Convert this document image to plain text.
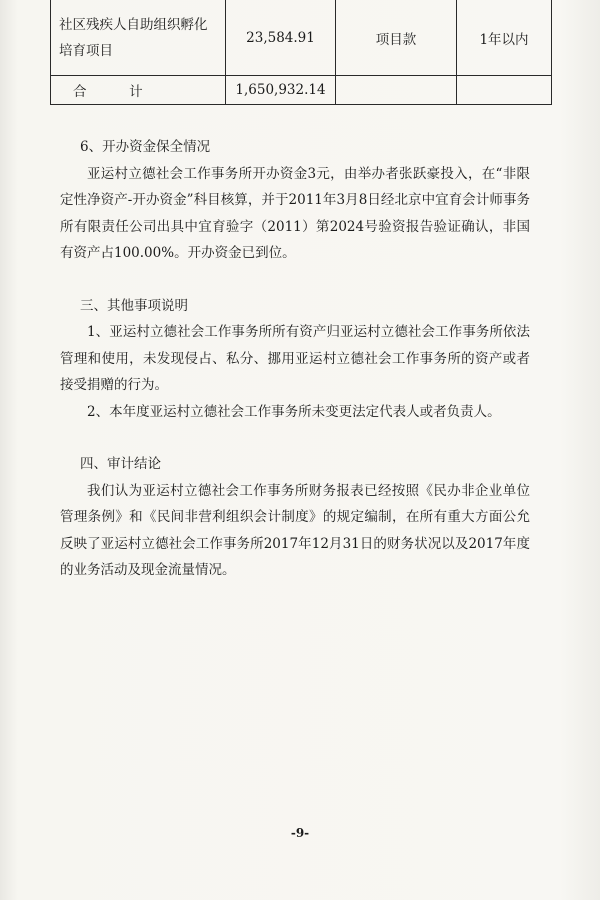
社区残疾人自助组织孵化培育项目	23,584.91	项目款	1年以内
合 计	1,650,932.14		

6、开办资金保全情况

亚运村立德社会工作事务所开办资金3元，由举办者张跃豪投入，在“非限定性净资产-开办资金”科目核算，并于2011年3月8日经北京中宜育会计师事务所有限责任公司出具中宜育验字（2011）第2024号验资报告验证确认，非国有资产占100.00%。开办资金已到位。

三、其他事项说明

1、亚运村立德社会工作事务所所有资产归亚运村立德社会工作事务所依法管理和使用，未发现侵占、私分、挪用亚运村立德社会工作事务所的资产或者接受捐赠的行为。

2、本年度亚运村立德社会工作事务所未变更法定代表人或者负责人。

四、审计结论

我们认为亚运村立德社会工作事务所财务报表已经按照《民办非企业单位管理条例》和《民间非营利组织会计制度》的规定编制，在所有重大方面公允反映了亚运村立德社会工作事务所2017年12月31日的财务状况以及2017年度的业务活动及现金流量情况。

-9-
